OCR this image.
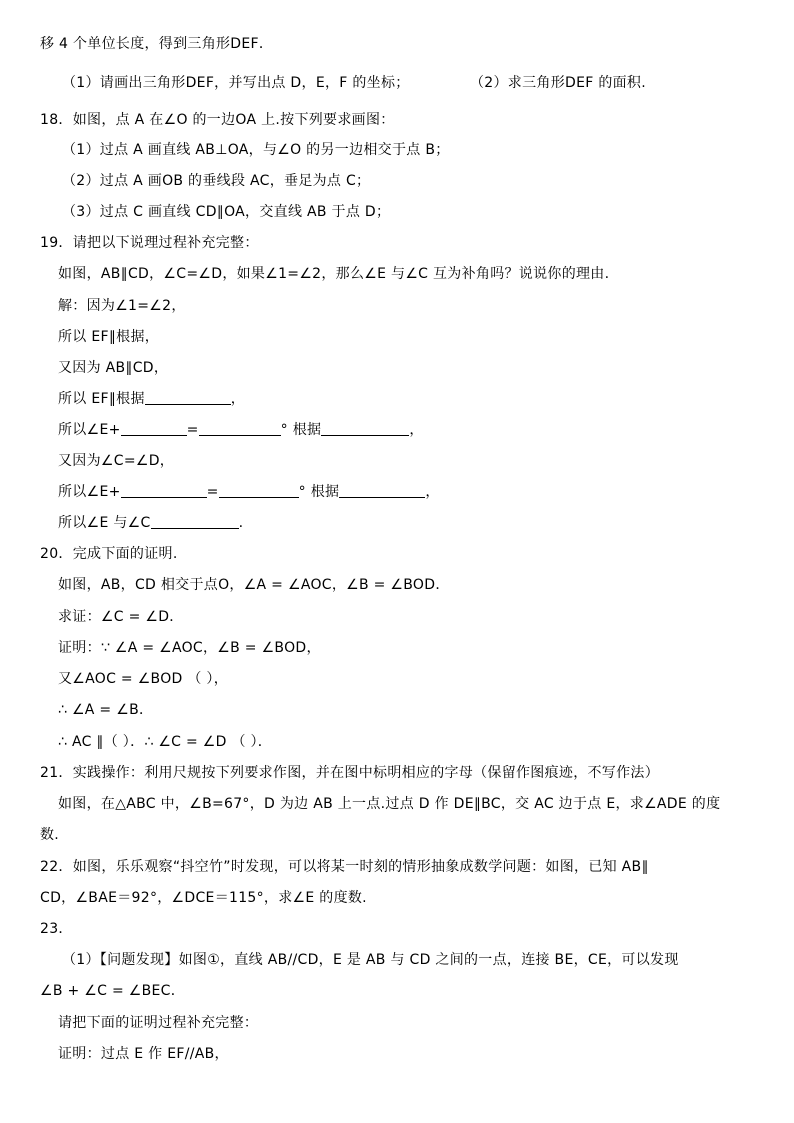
移 4 个单位长度，得到三角形DEF．
（1）请画出三角形DEF，并写出点 D，E，F 的坐标；	（2）求三角形DEF 的面积.
18．如图，点 A 在∠O 的一边OA 上.按下列要求画图：
（1）过点 A 画直线 AB⊥OA，与∠O 的另一边相交于点 B；
（2）过点 A 画OB 的垂线段 AC，垂足为点 C；
（3）过点 C 画直线 CD∥OA，交直线 AB 于点 D；
19．请把以下说理过程补充完整：
如图，AB∥CD，∠C=∠D，如果∠1=∠2，那么∠E 与∠C 互为补角吗？说说你的理由.
解：因为∠1=∠2，
所以 EF∥根据，
又因为 AB∥CD，
所以 EF∥根据	，
所以∠E+	=	° 根据	，
又因为∠C=∠D，
所以∠E+	=	° 根据	，
所以∠E 与∠C	.
20．完成下面的证明.
如图，AB，CD 相交于点O，∠A = ∠AOC，∠B = ∠BOD．
求证：∠C = ∠D．
证明：∵ ∠A = ∠AOC，∠B = ∠BOD，
又∠AOC = ∠BOD （ ），
∴ ∠A = ∠B．
∴ AC ∥（ ）．∴ ∠C = ∠D （ ）．
21．实践操作：利用尺规按下列要求作图，并在图中标明相应的字母（保留作图痕迹，不写作法）
如图，在△ABC 中，∠B=67°，D 为边 AB 上一点.过点 D 作 DE∥BC，交 AC 边于点 E，求∠ADE 的度
数.
22．如图，乐乐观察“抖空竹”时发现，可以将某一时刻的情形抽象成数学问题：如图，已知 AB∥
CD，∠BAE＝92°，∠DCE＝115°，求∠E 的度数.
23．
（1）【问题发现】如图①，直线 AB//CD，E 是 AB 与 CD 之间的一点，连接 BE，CE，可以发现
∠B + ∠C = ∠BEC．
请把下面的证明过程补充完整：
证明：过点 E 作 EF//AB，
